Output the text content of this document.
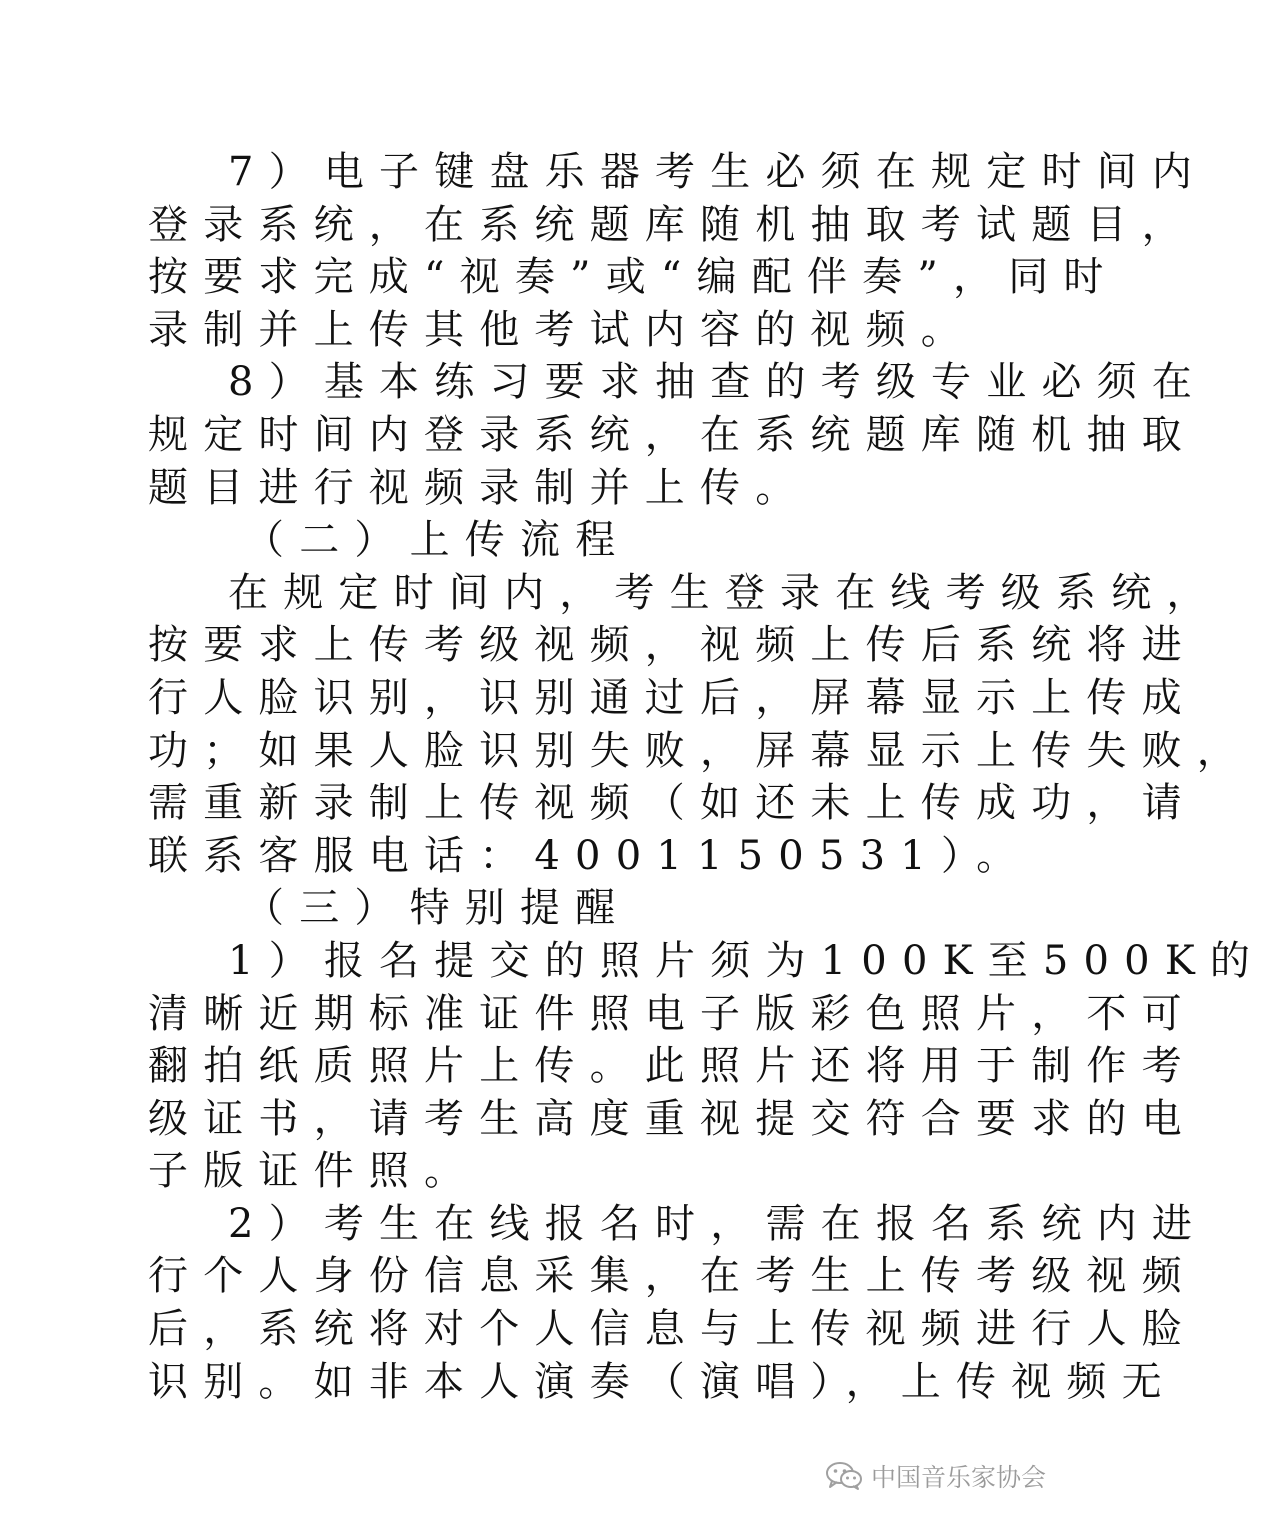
7）电子键盘乐器考生必须在规定时间内
登录系统，在系统题库随机抽取考试题目，
按要求完成“视奏”或“编配伴奏”，同时
录制并上传其他考试内容的视频。
8）基本练习要求抽查的考级专业必须在
规定时间内登录系统，在系统题库随机抽取
题目进行视频录制并上传。
（二）上传流程
在规定时间内，考生登录在线考级系统，
按要求上传考级视频，视频上传后系统将进
行人脸识别，识别通过后，屏幕显示上传成
功；如果人脸识别失败，屏幕显示上传失败，
需重新录制上传视频（如还未上传成功，请
联系客服电话：4001150531）。
（三）特别提醒
1）报名提交的照片须为100K至500K的
清晰近期标准证件照电子版彩色照片，不可
翻拍纸质照片上传。此照片还将用于制作考
级证书，请考生高度重视提交符合要求的电
子版证件照。
2）考生在线报名时，需在报名系统内进
行个人身份信息采集，在考生上传考级视频
后，系统将对个人信息与上传视频进行人脸
识别。如非本人演奏（演唱），上传视频无
中国音乐家协会
